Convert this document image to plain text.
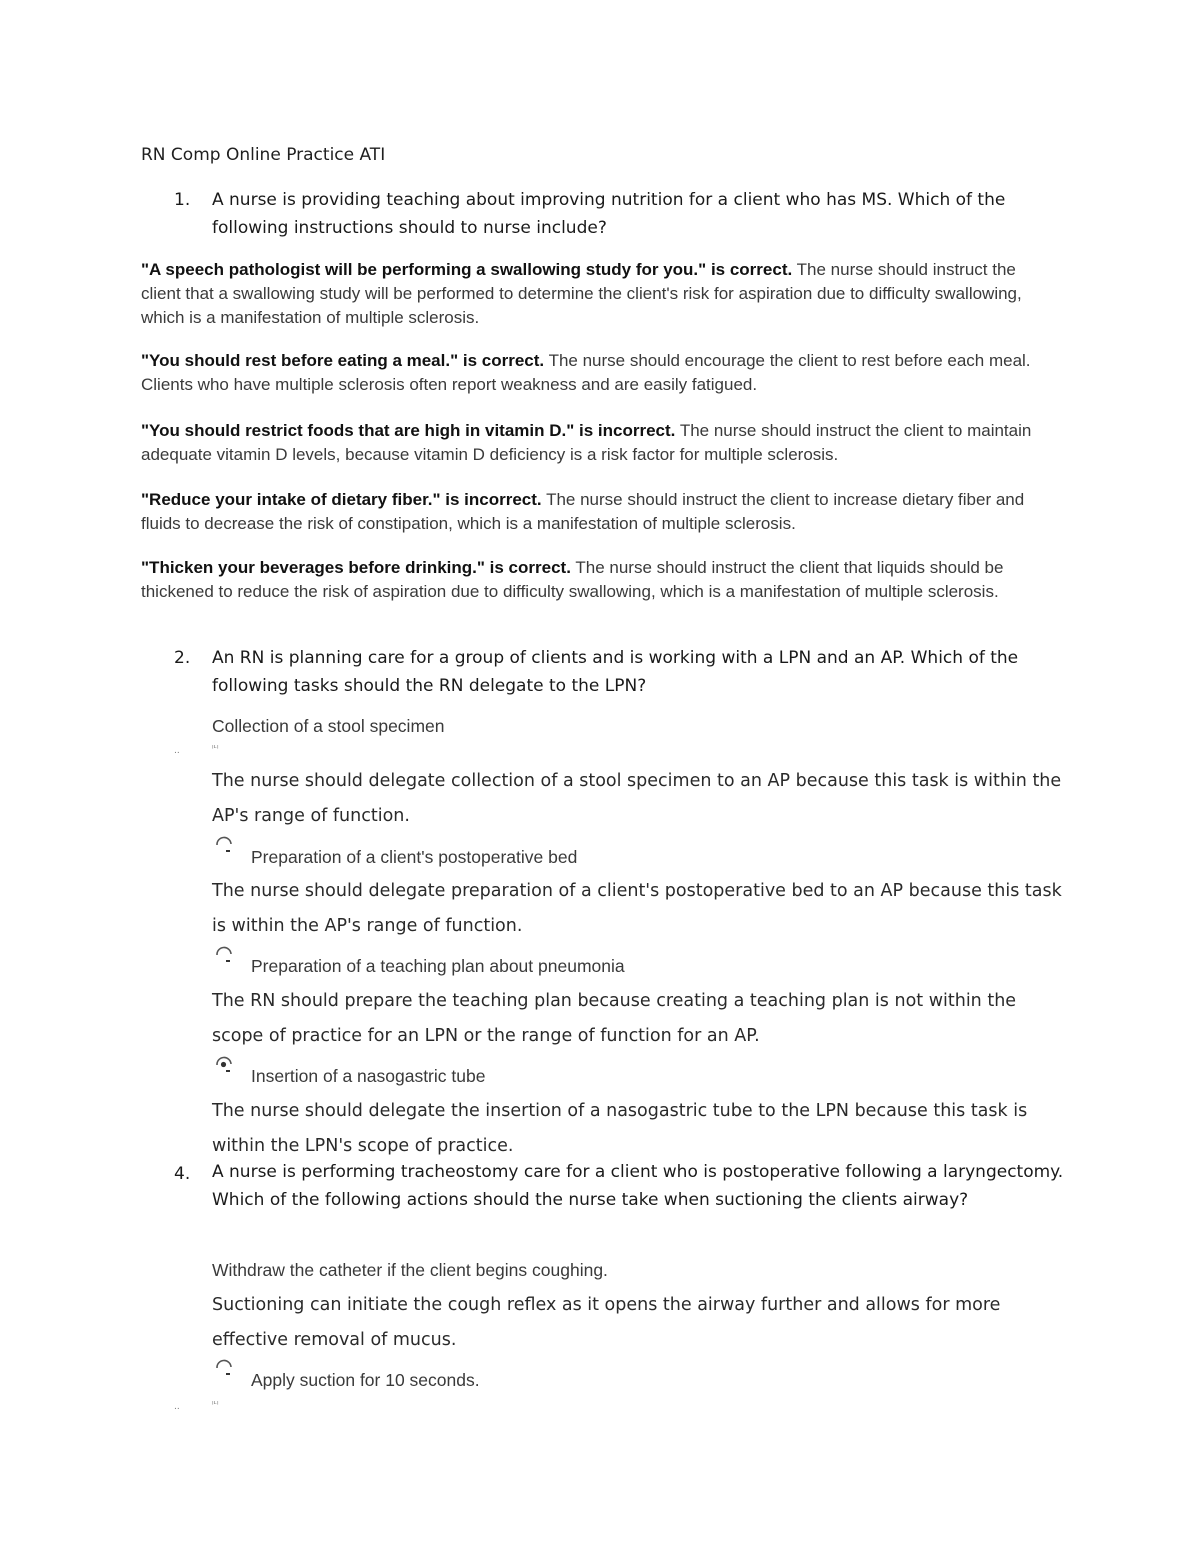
RN Comp Online Practice ATI
1. A nurse is providing teaching about improving nutrition for a client who has MS. Which of the following instructions should to nurse include?
"A speech pathologist will be performing a swallowing study for you." is correct. The nurse should instruct the client that a swallowing study will be performed to determine the client's risk for aspiration due to difficulty swallowing, which is a manifestation of multiple sclerosis.
"You should rest before eating a meal." is correct. The nurse should encourage the client to rest before each meal. Clients who have multiple sclerosis often report weakness and are easily fatigued.
"You should restrict foods that are high in vitamin D." is incorrect. The nurse should instruct the client to maintain adequate vitamin D levels, because vitamin D deficiency is a risk factor for multiple sclerosis.
"Reduce your intake of dietary fiber." is incorrect. The nurse should instruct the client to increase dietary fiber and fluids to decrease the risk of constipation, which is a manifestation of multiple sclerosis.
"Thicken your beverages before drinking." is correct. The nurse should instruct the client that liquids should be thickened to reduce the risk of aspiration due to difficulty swallowing, which is a manifestation of multiple sclerosis.
2. An RN is planning care for a group of clients and is working with a LPN and an AP. Which of the following tasks should the RN delegate to the LPN?
Collection of a stool specimen
..	ᵎᶫᵎ
The nurse should delegate collection of a stool specimen to an AP because this task is within the AP's range of function.
Preparation of a client's postoperative bed
The nurse should delegate preparation of a client's postoperative bed to an AP because this task is within the AP's range of function.
Preparation of a teaching plan about pneumonia
The RN should prepare the teaching plan because creating a teaching plan is not within the scope of practice for an LPN or the range of function for an AP.
Insertion of a nasogastric tube
The nurse should delegate the insertion of a nasogastric tube to the LPN because this task is within the LPN's scope of practice.
4. A nurse is performing tracheostomy care for a client who is postoperative following a laryngectomy. Which of the following actions should the nurse take when suctioning the clients airway?
Withdraw the catheter if the client begins coughing.
Suctioning can initiate the cough reflex as it opens the airway further and allows for more effective removal of mucus.
Apply suction for 10 seconds.
..	ᵎᶫᵎ
